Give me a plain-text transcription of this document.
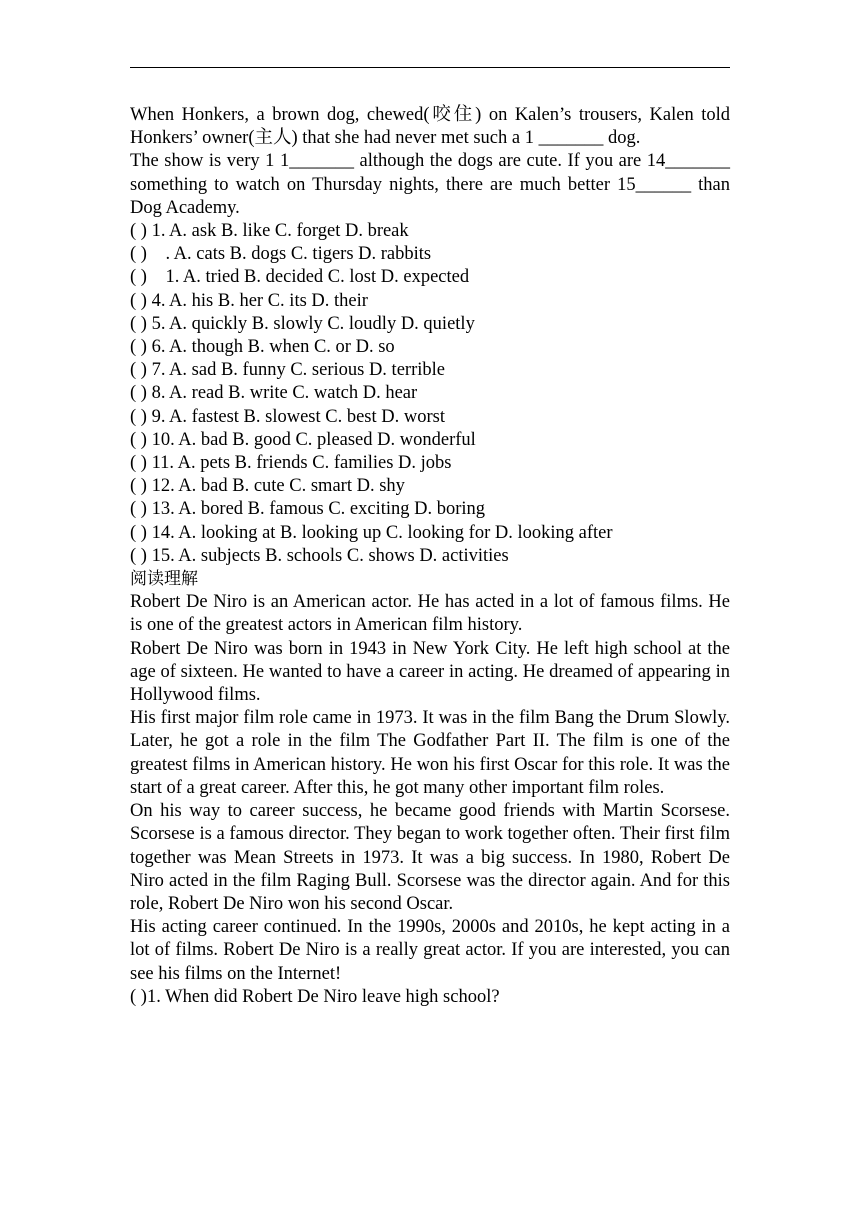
When Honkers, a brown dog, chewed(咬住) on Kalen’s trousers, Kalen told Honkers’ owner(主人) that she had never met such a 1 _______ dog.

The show is very 1 1_______ although the dogs are cute. If you are 14_______ something to watch on Thursday nights, there are much better 15______ than Dog Academy.

( ) 1. A. ask B. like C. forget D. break

( )    . A. cats B. dogs C. tigers D. rabbits

( )    1. A. tried B. decided C. lost D. expected

( ) 4. A. his B. her C. its D. their

( ) 5. A. quickly B. slowly C. loudly D. quietly

( ) 6. A. though B. when C. or D. so

( ) 7. A. sad B. funny C. serious D. terrible

( ) 8. A. read B. write C. watch D. hear

( ) 9. A. fastest B. slowest C. best D. worst

( ) 10. A. bad B. good C. pleased D. wonderful

( ) 11. A. pets B. friends C. families D. jobs

( ) 12. A. bad B. cute C. smart D. shy

( ) 13. A. bored B. famous C. exciting D. boring

( ) 14. A. looking at B. looking up C. looking for D. looking after

( ) 15. A. subjects B. schools C. shows D. activities

阅读理解

Robert De Niro is an American actor. He has acted in a lot of famous films. He is one of the greatest actors in American film history.

Robert De Niro was born in 1943 in New York City. He left high school at the age of sixteen. He wanted to have a career in acting. He dreamed of appearing in Hollywood films.

His first major film role came in 1973. It was in the film Bang the Drum Slowly. Later, he got a role in the film The Godfather Part II. The film is one of the greatest films in American history. He won his first Oscar for this role. It was the start of a great career. After this, he got many other important film roles.

On his way to career success, he became good friends with Martin Scorsese. Scorsese is a famous director. They began to work together often. Their first film together was Mean Streets in 1973. It was a big success. In 1980, Robert De Niro acted in the film Raging Bull. Scorsese was the director again. And for this role, Robert De Niro won his second Oscar.

His acting career continued. In the 1990s, 2000s and 2010s, he kept acting in a lot of films. Robert De Niro is a really great actor. If you are interested, you can see his films on the Internet!

( )1. When did Robert De Niro leave high school?
